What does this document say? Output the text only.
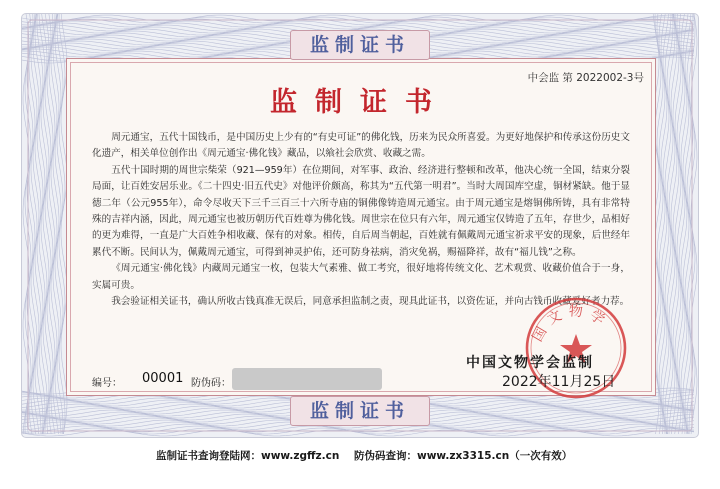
监制证书
中会监 第 2022002-3号
监制证书

周元通宝，五代十国钱币，是中国历史上少有的“有史可证”的佛化钱，历来为民众所喜爱。为更好地保护和传承这份历史文化遗产，相关单位创作出《周元通宝·佛化钱》藏品，以飨社会欣赏、收藏之需。

五代十国时期的周世宗柴荣（921—959年）在位期间，对军事、政治、经济进行整顿和改革，他决心统一全国，结束分裂局面，让百姓安居乐业。《二十四史·旧五代史》对他评价颇高，称其为“五代第一明君”。当时大周国库空虚，铜材紧缺。他于显德二年（公元955年），命令尽收天下三千三百三十六所寺庙的铜佛像铸造周元通宝。由于周元通宝是熔铜佛所铸，具有非常特殊的吉祥内涵，因此，周元通宝也被历朝历代百姓尊为佛化钱。周世宗在位只有六年，周元通宝仅铸造了五年，存世少，品相好的更为难得，一直是广大百姓争相收藏、保有的对象。相传，自后周当朝起，百姓就有佩戴周元通宝祈求平安的现象，后世经年累代不断。民间认为，佩戴周元通宝，可得到神灵护佑，还可防身祛病，消灾免祸，赐福降祥，故有“福儿钱”之称。

《周元通宝·佛化钱》内藏周元通宝一枚，包装大气素雅、做工考究，很好地将传统文化、艺术观赏、收藏价值合于一身，实属可贵。

我会验证相关证书，确认所收古钱真准无误后，同意承担监制之责，现具此证书，以资佐证，并向古钱币收藏爱好者力荐。

编号： 00001 防伪码：
国文物学
中国文物学会监制
2022年11月25日
监制证书
监制证书查询登陆网：www.zgffz.cn 防伪码查询：www.zx3315.cn（一次有效）
